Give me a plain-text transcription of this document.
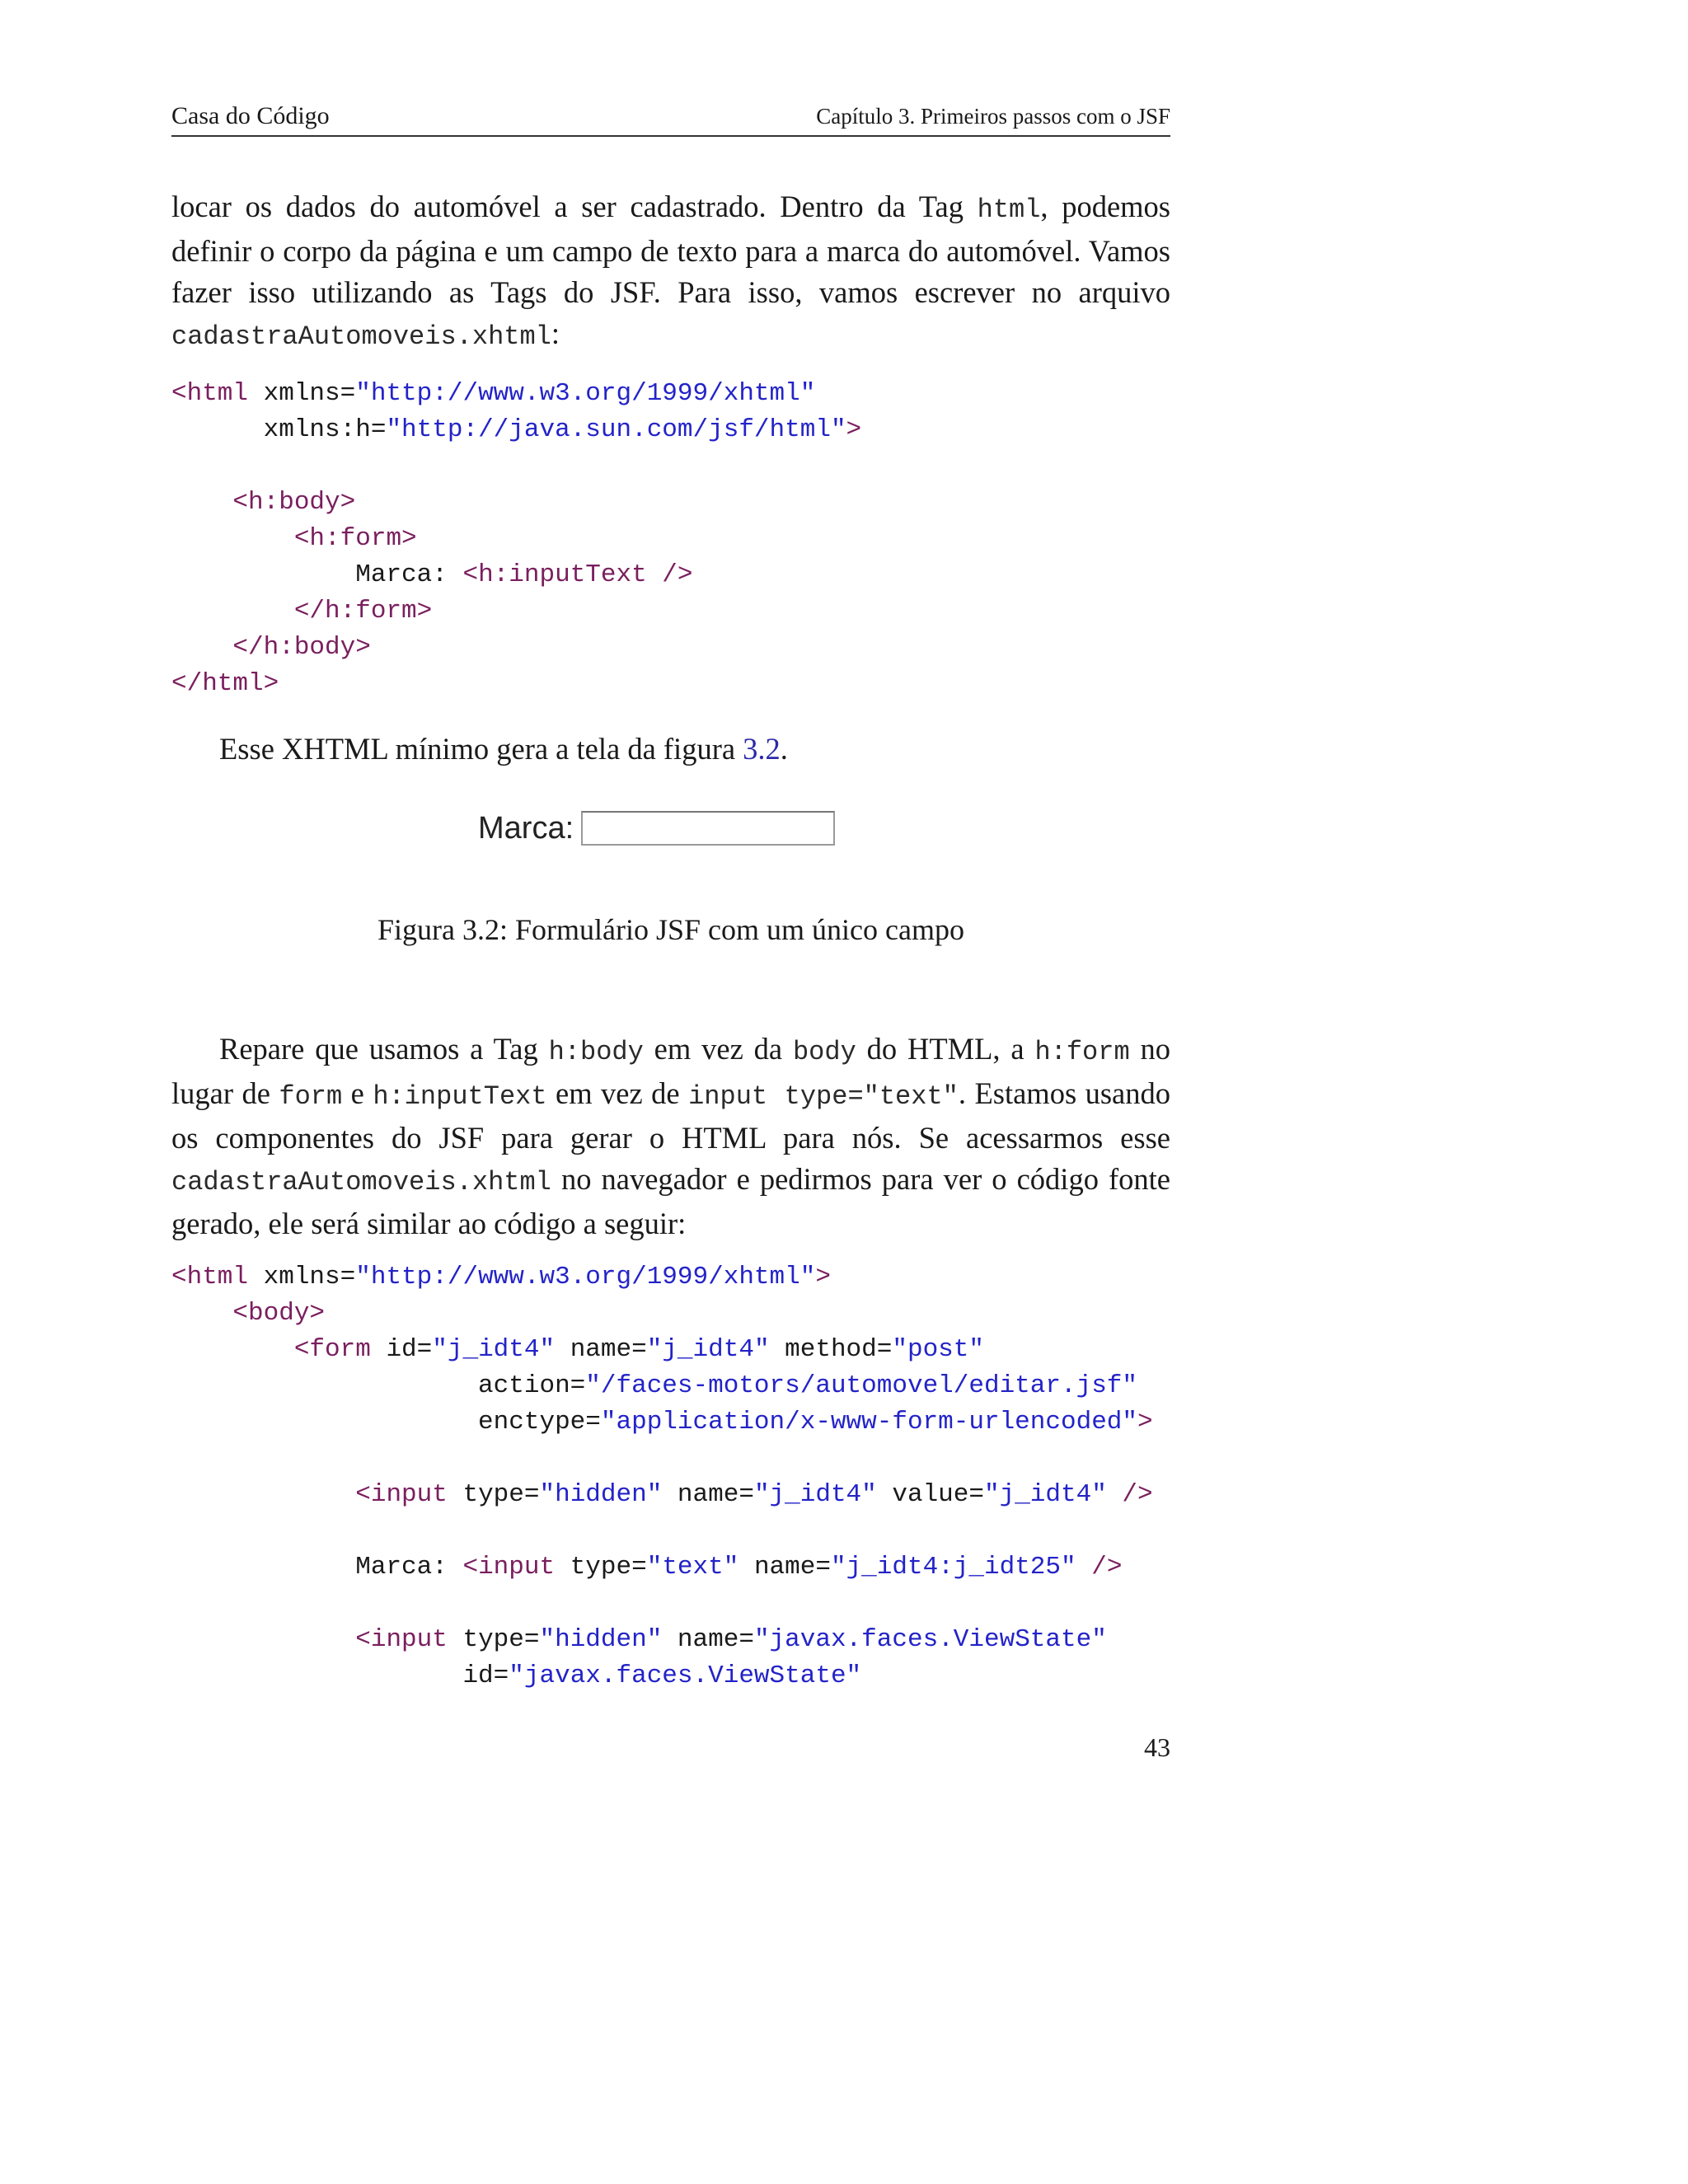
Casa do Código	Capítulo 3. Primeiros passos com o JSF
locar os dados do automóvel a ser cadastrado. Dentro da Tag html, podemos definir o corpo da página e um campo de texto para a marca do automóvel. Vamos fazer isso utilizando as Tags do JSF. Para isso, vamos escrever no arquivo cadastraAutomoveis.xhtml:
<html xmlns="http://www.w3.org/1999/xhtml"
xmlns:h="http://java.sun.com/jsf/html">

<h:body>
<h:form>
Marca: <h:inputText />
</h:form>
</h:body>
</html>
Esse XHTML mínimo gera a tela da figura 3.2.
Marca:
Figura 3.2: Formulário JSF com um único campo
Repare que usamos a Tag h:body em vez da body do HTML, a h:form no lugar de form e h:inputText em vez de input type="text". Estamos usando os componentes do JSF para gerar o HTML para nós. Se acessarmos esse cadastraAutomoveis.xhtml no navegador e pedirmos para ver o código fonte gerado, ele será similar ao código a seguir:
<html xmlns="http://www.w3.org/1999/xhtml">
<body>
<form id="j_idt4" name="j_idt4" method="post"
action="/faces-motors/automovel/editar.jsf"
enctype="application/x-www-form-urlencoded">

<input type="hidden" name="j_idt4" value="j_idt4" />

Marca: <input type="text" name="j_idt4:j_idt25" />

<input type="hidden" name="javax.faces.ViewState"
id="javax.faces.ViewState"
43
